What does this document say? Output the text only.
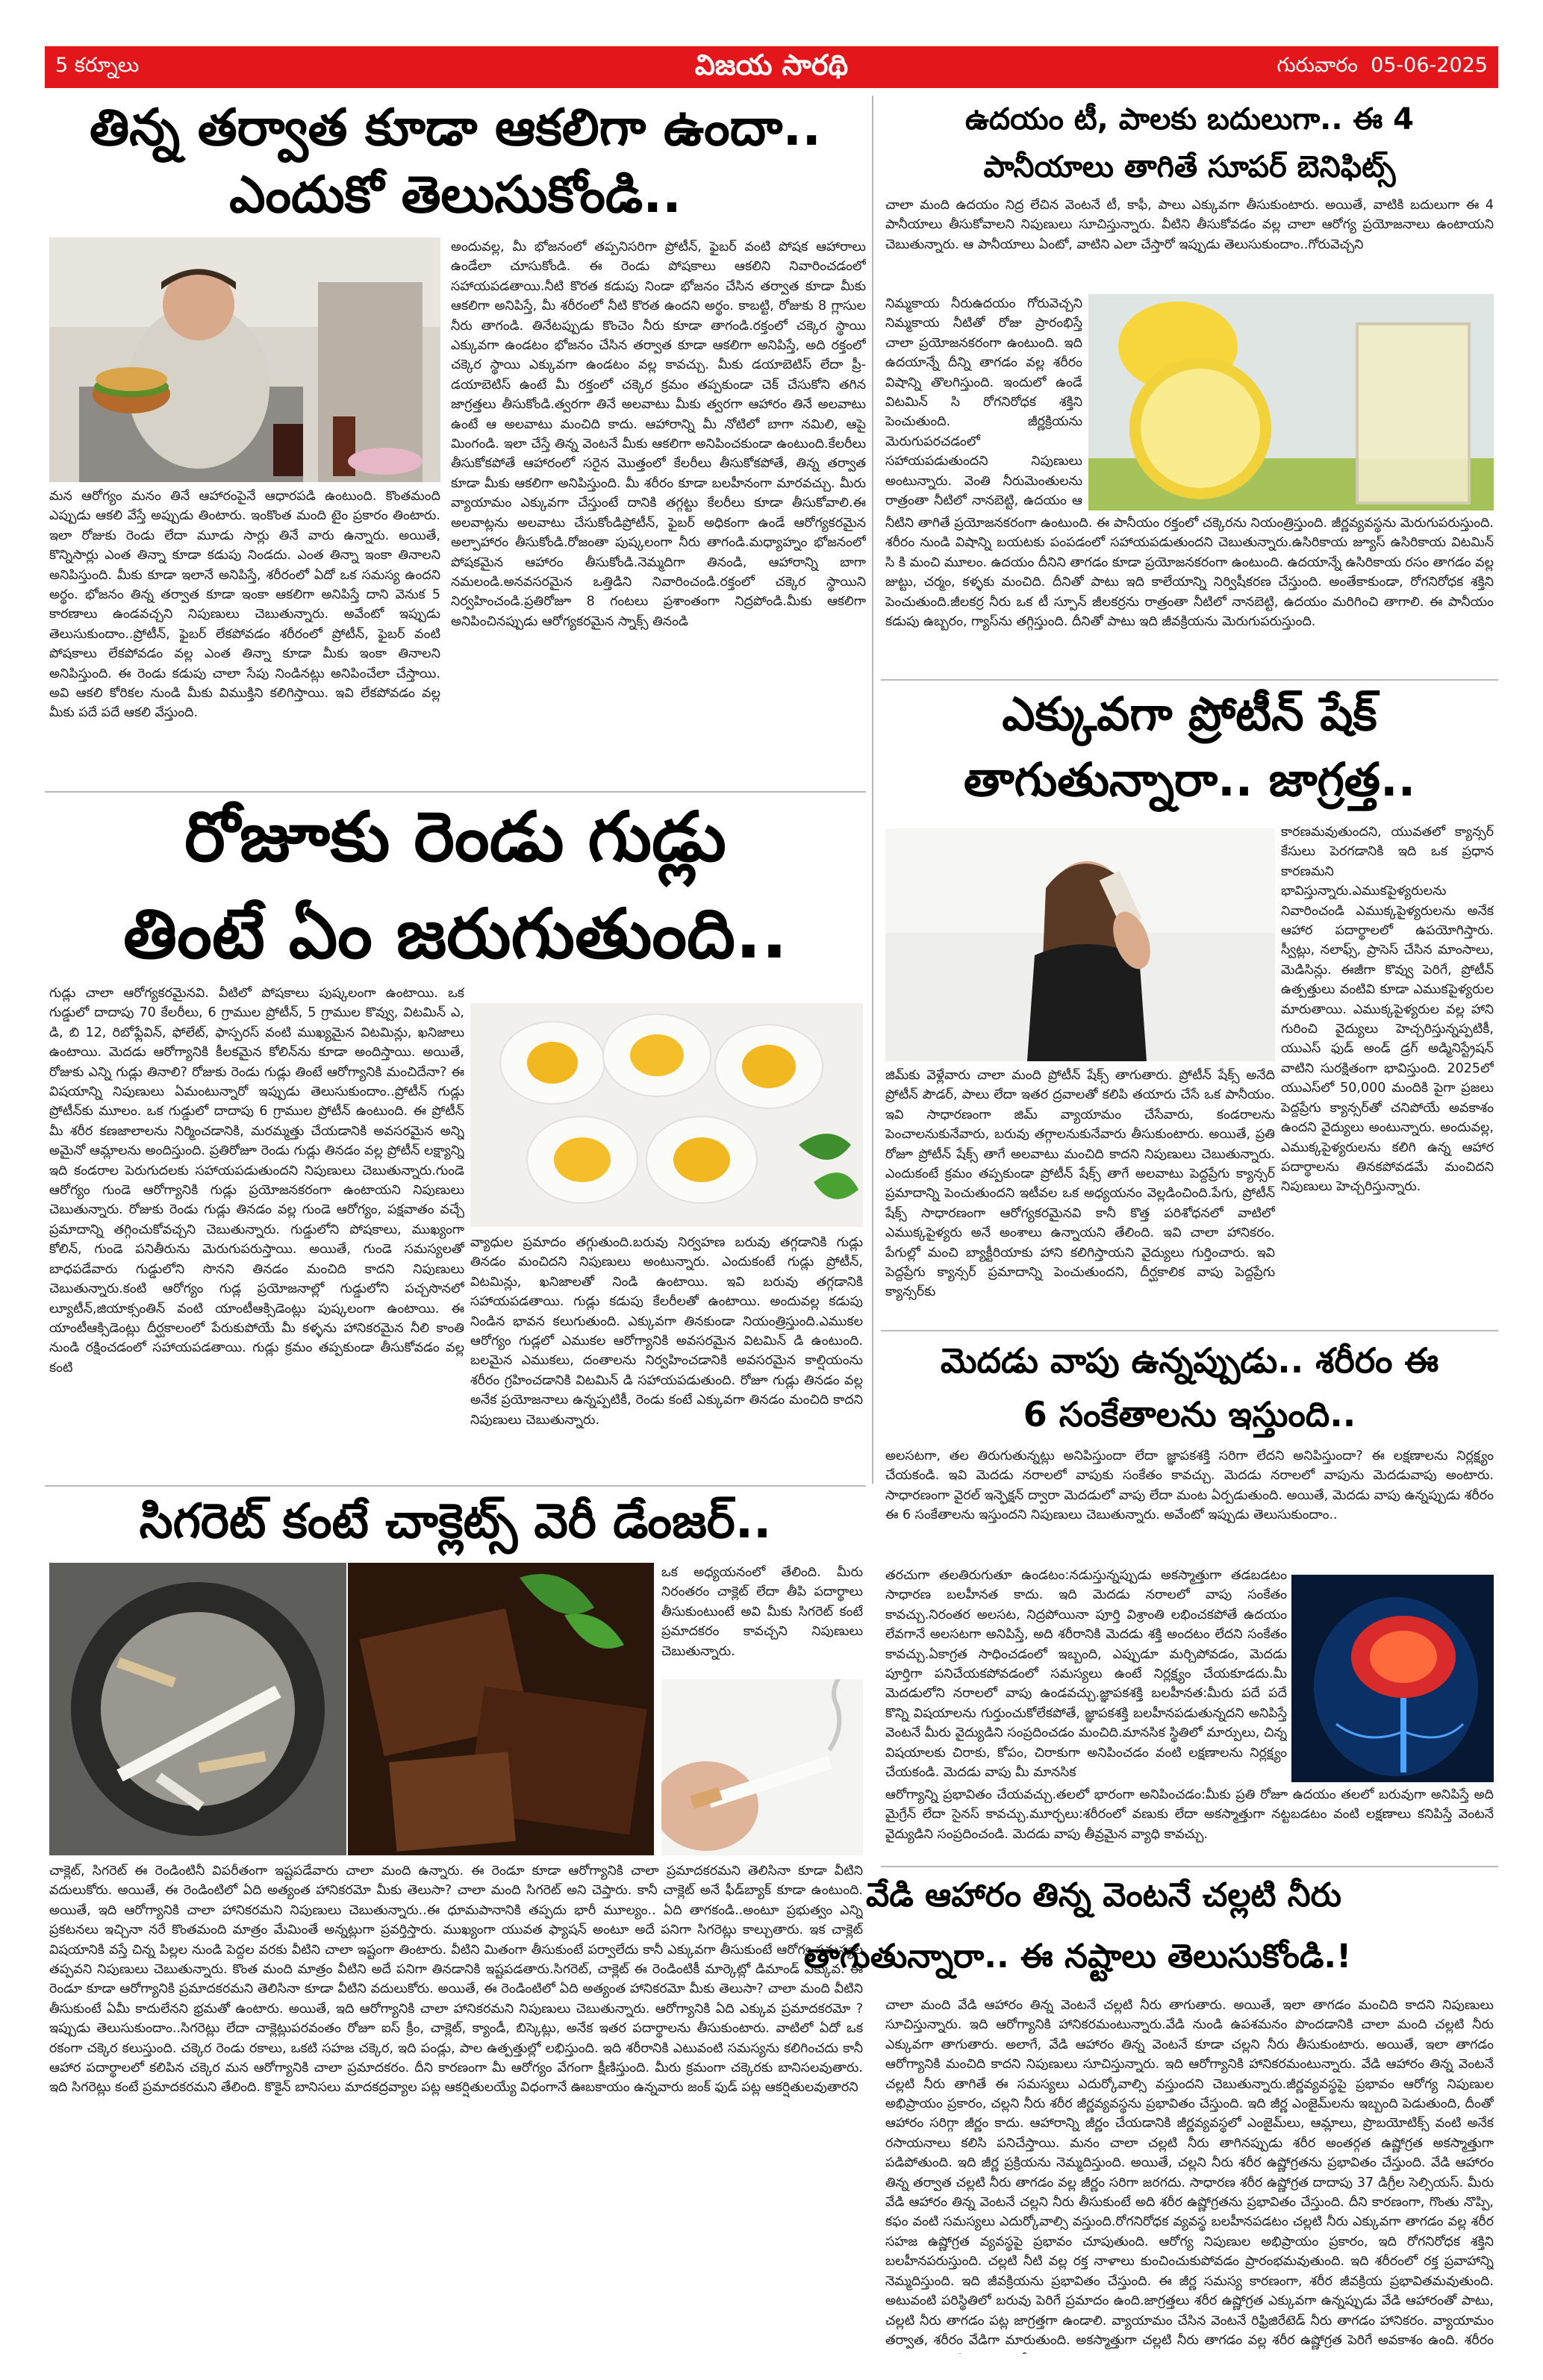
5 కర్నూలు	విజయ సారథి	గురువారం 05-06-2025
తిన్న తర్వాత కూడా ఆకలిగా ఉందా..
ఎందుకో తెలుసుకోండి..
అందువల్ల, మీ భోజనంలో తప్పనిసరిగా ప్రోటీన్, ఫైబర్ వంటి పోషక ఆహారాలు ఉండేలా చూసుకోండి. ఈ రెండు పోషకాలు ఆకలిని నివారించడంలో సహాయపడతాయి.నీటి కొరత కడుపు నిండా భోజనం చేసిన తర్వాత కూడా మీకు ఆకలిగా అనిపిస్తే, మీ శరీరంలో నీటి కొరత ఉందని అర్థం. కాబట్టి, రోజుకు 8 గ్లాసుల నీరు తాగండి. తినేటప్పుడు కొంచెం నీరు కూడా తాగండి.రక్తంలో చక్కెర స్థాయి ఎక్కువగా ఉండటం భోజనం చేసిన తర్వాత కూడా ఆకలిగా అనిపిస్తే, అది రక్తంలో చక్కెర స్థాయి ఎక్కువగా ఉండటం వల్ల కావచ్చు. మీకు డయాబెటిస్ లేదా ప్రీ-డయాబెటిస్ ఉంటే మీ రక్తంలో చక్కెర క్రమం తప్పకుండా చెక్ చేసుకోని తగిన జాగ్రత్తలు తీసుకోండి.త్వరగా తినే అలవాటు మీకు త్వరగా ఆహారం తినే అలవాటు ఉంటే ఆ అలవాటు మంచిది కాదు. ఆహారాన్ని మీ నోటిలో బాగా నమిలి, ఆపై మింగండి. ఇలా చేస్తే తిన్న వెంటనే మీకు ఆకలిగా అనిపించకుండా ఉంటుంది.కేలరీలు తీసుకోకపోతే ఆహారంలో సరైన మొత్తంలో కేలరీలు తీసుకోకపోతే, తిన్న తర్వాత కూడా మీకు ఆకలిగా అనిపిస్తుంది. మీ శరీరం కూడా బలహీనంగా మారవచ్చు. మీరు వ్యాయామం ఎక్కువగా చేస్తుంటే దానికి తగ్గట్టు కేలరీలు కూడా తీసుకోవాలి.ఈ అలవాట్లను అలవాటు చేసుకోండిప్రోటీన్, ఫైబర్ అధికంగా ఉండే ఆరోగ్యకరమైన అల్పాహారం తీసుకోండి.రోజంతా పుష్కలంగా నీరు తాగండి.మధ్యాహ్నం భోజనంలో పోషకమైన ఆహారం తీసుకోండి.నెమ్మదిగా తినండి, ఆహారాన్ని బాగా నమలండి.అనవసరమైన ఒత్తిడిని నివారించండి.రక్తంలో చక్కెర స్థాయిని నిర్వహించండి.ప్రతిరోజూ 8 గంటలు ప్రశాంతంగా నిద్రపోండి.మీకు ఆకలిగా అనిపించినప్పుడు ఆరోగ్యకరమైన స్నాక్స్ తినండి
మన ఆరోగ్యం మనం తినే ఆహారంపైనే ఆధారపడి ఉంటుంది. కొంతమంది ఎప్పుడు ఆకలి వేస్తే అప్పుడు తింటారు. ఇంకొంత మంది టైం ప్రకారం తింటారు. ఇలా రోజుకు రెండు లేదా మూడు సార్లు తినే వారు ఉన్నారు. అయితే, కొన్నిసార్లు ఎంత తిన్నా కూడా కడుపు నిండదు. ఎంత తిన్నా ఇంకా తినాలని అనిపిస్తుంది. మీకు కూడా ఇలానే అనిపిస్తే, శరీరంలో ఏదో ఒక సమస్య ఉందని అర్థం. భోజనం తిన్న తర్వాత కూడా ఇంకా ఆకలిగా అనిపిస్తే దాని వెనుక 5 కారణాలు ఉండవచ్చని నిపుణులు చెబుతున్నారు. అవేంటో ఇప్పుడు తెలుసుకుందాం..ప్రోటీన్, ఫైబర్ లేకపోవడం శరీరంలో ప్రోటీన్, ఫైబర్ వంటి పోషకాలు లేకపోవడం వల్ల ఎంత తిన్నా కూడా మీకు ఇంకా తినాలని అనిపిస్తుంది. ఈ రెండు కడుపు చాలా సేపు నిండినట్లు అనిపించేలా చేస్తాయి. అవి ఆకలి కోరికల నుండి మీకు విముక్తిని కలిగిస్తాయి. ఇవి లేకపోవడం వల్ల మీకు పదే పదే ఆకలి వేస్తుంది.
రోజూకు రెండు గుడ్లు
తింటే ఏం జరుగుతుంది..
గుడ్లు చాలా ఆరోగ్యకరమైనవి. వీటిలో పోషకాలు పుష్కలంగా ఉంటాయి. ఒక గుడ్డులో దాదాపు 70 కేలరీలు, 6 గ్రాముల ప్రోటీన్, 5 గ్రాముల కొవ్వు, విటమిన్ ఎ, డి, బి 12, రిబోఫ్లేవిన్, ఫోలేట్, ఫాస్పరస్ వంటి ముఖ్యమైన విటమిన్లు, ఖనిజాలు ఉంటాయి. మెదడు ఆరోగ్యానికి కీలకమైన కోలిన్‌ను కూడా అందిస్తాయి. అయితే, రోజుకు ఎన్ని గుడ్లు తినాలి? రోజుకు రెండు గుడ్లు తింటే ఆరోగ్యానికి మంచిదేనా? ఈ విషయాన్ని నిపుణులు ఏమంటున్నారో ఇప్పుడు తెలుసుకుందాం..ప్రోటీన్ గుడ్లు ప్రోటీన్‌కు మూలం. ఒక గుడ్డులో దాదాపు 6 గ్రాముల ప్రోటీన్ ఉంటుంది. ఈ ప్రోటీన్ మీ శరీర కణజాలాలను నిర్మించడానికి, మరమ్మత్తు చేయడానికి అవసరమైన అన్ని అమైనో ఆమ్లాలను అందిస్తుంది. ప్రతిరోజూ రెండు గుడ్లు తినడం వల్ల ప్రోటీన్ లక్ష్యాన్ని ఇది కండరాల పెరుగుదలకు సహాయపడుతుందని నిపుణులు చెబుతున్నారు.గుండె ఆరోగ్యం గుండె ఆరోగ్యానికి గుడ్లు ప్రయోజనకరంగా ఉంటాయని నిపుణులు చెబుతున్నారు. రోజుకు రెండు గుడ్లు తినడం వల్ల గుండె ఆరోగ్యం, పక్షవాతం వచ్చే ప్రమాదాన్ని తగ్గించుకోవచ్చని చెబుతున్నారు. గుడ్డులోని పోషకాలు, ముఖ్యంగా కోలిన్, గుండె పనితీరును మెరుగుపరుస్తాయి. అయితే, గుండె సమస్యలతో బాధపడేవారు గుడ్డులోని సొనని తినడం మంచిది కాదని నిపుణులు చెబుతున్నారు.కంటి ఆరోగ్యం గుడ్ల ప్రయోజనాల్లో గుడ్డులోని పచ్చసొనలో ల్యూటీన్,జియాక్సంతిన్ వంటి యాంటీఆక్సిడెంట్లు పుష్కలంగా ఉంటాయి. ఈ యాంటీఆక్సిడెంట్లు దీర్ఘకాలంలో పేరుకుపోయే మీ కళ్ళను హానికరమైన నీలి కాంతి నుండి రక్షించడంలో సహాయపడతాయి. గుడ్లు క్రమం తప్పకుండా తీసుకోవడం వల్ల కంటి
వ్యాధుల ప్రమాదం తగ్గుతుంది.బరువు నిర్వహణ బరువు తగ్గడానికి గుడ్లు తినడం మంచిదని నిపుణులు అంటున్నారు. ఎందుకంటే గుడ్లు ప్రోటీన్, విటమిన్లు, ఖనిజాలతో నిండి ఉంటాయి. ఇవి బరువు తగ్గడానికి సహాయపడతాయి. గుడ్లు కడుపు కేలరీలతో ఉంటాయి. అందువల్ల కడుపు నిండిన భావన కలుగుతుంది. ఎక్కువగా తినకుండా నియంత్రిస్తుంది.ఎముకల ఆరోగ్యం గుడ్లలో ఎముకల ఆరోగ్యానికి అవసరమైన విటమిన్ డి ఉంటుంది. బలమైన ఎముకలు, దంతాలను నిర్వహించడానికి అవసరమైన కాల్షియంను శరీరం గ్రహించడానికి విటమిన్ డి సహాయపడుతుంది. రోజూ గుడ్లు తినడం వల్ల అనేక ప్రయోజనాలు ఉన్నప్పటికీ, రెండు కంటే ఎక్కువగా తినడం మంచిది కాదని నిపుణులు చెబుతున్నారు.
సిగరెట్ కంటే చాక్లెట్స్ వెరీ డేంజర్..
ఒక అధ్యయనంలో తేలింది. మీరు నిరంతరం చాక్లెట్ లేదా తీపి పదార్థాలు తీసుకుంటుంటే అవి మీకు సిగరెట్ కంటే ప్రమాదకరం కావచ్చని నిపుణులు చెబుతున్నారు.
చాక్లెట్, సిగరెట్ ఈ రెండింటినీ విపరీతంగా ఇష్టపడేవారు చాలా మంది ఉన్నారు. ఈ రెండూ కూడా ఆరోగ్యానికి చాలా ప్రమాదకరమని తెలిసినా కూడా వీటిని వదులుకోరు. అయితే, ఈ రెండింటిలో ఏది అత్యంత హానికరమో మీకు తెలుసా? చాలా మంది సిగరెట్ అని చెప్తారు. కానీ చాక్లెట్ అనే ఫీడ్‌బ్యాక్ కూడా ఉంటుంది. అయితే, ఇది ఆరోగ్యానికి చాలా హానికరమని నిపుణులు చెబుతున్నారు..ఈ ధూమపానానికి తప్పదు భారీ మూల్యం.. ఏది తాగకండి..అంటూ ప్రభుత్వం ఎన్ని ప్రకటనలు ఇచ్చినా నరే కొంతమంది మాత్రం మేమింతే అన్నట్లుగా ప్రవర్తిస్తారు. ముఖ్యంగా యువత ఫ్యాషన్ అంటూ అదే పనిగా సిగరెట్లు కాల్చుతారు. ఇక చాక్లెట్ విషయానికి వస్తే చిన్న పిల్లల నుండి పెద్దల వరకు వీటిని చాలా ఇష్టంగా తింటారు. వీటిని మితంగా తీసుకుంటే పర్వాలేదు కానీ ఎక్కువగా తీసుకుంటే ఆరోగ్య సమస్యల తప్పవని నిపుణులు చెబుతున్నారు. కొంత మంది మాత్రం వీటిని అదే పనిగా తినడానికి ఇష్టపడతారు.సిగరెట్, చాక్లెట్ ఈ రెండింటికీ మార్కెట్లో డిమాండ్ ఎక్కువ. ఈ రెండూ కూడా ఆరోగ్యానికి ప్రమాదకరమని తెలిసినా కూడా వీటిని వదులుకోరు. అయితే, ఈ రెండింటిలో ఏది అత్యంత హానికరమో మీకు తెలుసా? చాలా మంది వీటిని తీసుకుంటే ఏమీ కాదులేనని భ్రమతో ఉంటారు. అయితే, ఇది ఆరోగ్యానికి చాలా హానికరమని నిపుణులు చెబుతున్నారు. ఆరోగ్యానికి ఏది ఎక్కువ ప్రమాదకరమో ? ఇప్పుడు తెలుసుకుందాం..సిగరెట్లు లేదా చాక్లెట్లుపరవంతం రోజూ ఐస్ క్రీం, చాక్లెట్, క్యాండీ, బిస్కెట్లు, అనేక ఇతర పదార్థాలను తీసుకుంటారు. వాటిలో ఏదో ఒక రకంగా చక్కెర కలుస్తుంది. చక్కెర రెండు రకాలు, ఒకటి సహజ చక్కెర, ఇది పండ్లు, పాల ఉత్పత్తుల్లో లభిస్తుంది. ఇది శరీరానికి ఎటువంటి సమస్యను కలిగించదు కానీ ఆహార పదార్థాలలో కలిపిన చక్కెర మన ఆరోగ్యానికి చాలా ప్రమాదకరం. దీని కారణంగా మీ ఆరోగ్యం వేగంగా క్షీణిస్తుంది. మీరు క్రమంగా చక్కెరకు బానిసలవుతారు. ఇది సిగరెట్లు కంటే ప్రమాదకరమని తేలింది. కొకైన్ బానిసలు మాదకద్రవ్యాల పట్ల ఆకర్షితులయ్యే విధంగానే ఊబకాయం ఉన్నవారు జంక్ ఫుడ్ పట్ల ఆకర్షితులవుతారని
ఉదయం టీ, పాలకు బదులుగా.. ఈ 4
పానీయాలు తాగితే సూపర్ బెనిఫిట్స్
చాలా మంది ఉదయం నిద్ర లేచిన వెంటనే టీ, కాఫీ, పాలు ఎక్కువగా తీసుకుంటారు. అయితే, వాటికి బదులుగా ఈ 4 పానీయాలు తీసుకోవాలని నిపుణులు సూచిస్తున్నారు. వీటిని తీసుకోవడం వల్ల చాలా ఆరోగ్య ప్రయోజనాలు ఉంటాయని చెబుతున్నారు. ఆ పానీయాలు ఏంటో, వాటిని ఎలా చేస్తారో ఇప్పుడు తెలుసుకుందాం..గోరువెచ్చని
నిమ్మకాయ నీరుఉదయం గోరువెచ్చని నిమ్మకాయ నీటితో రోజు ప్రారంభిస్తే చాలా ప్రయోజనకరంగా ఉంటుంది. ఇది ఉదయాన్నే దీన్ని తాగడం వల్ల శరీరం విషాన్ని తొలగిస్తుంది. ఇందులో ఉండే విటమిన్ సి రోగనిరోధక శక్తిని పెంచుతుంది. జీర్ణక్రియను మెరుగుపరచడంలో సహాయపడుతుందని నిపుణులు అంటున్నారు. వెంతి నీరుమెంతులను రాత్రంతా నీటిలో నానబెట్టి, ఉదయం ఆ
నీటిని తాగితే ప్రయోజనకరంగా ఉంటుంది. ఈ పానీయం రక్తంలో చక్కెరను నియంత్రిస్తుంది. జీర్ణవ్యవస్థను మెరుగుపరుస్తుంది. శరీరం నుండి విషాన్ని బయటకు పంపడంలో సహాయపడుతుందని చెబుతున్నారు.ఉసిరికాయ జ్యూస్ ఉసిరికాయ విటమిన్ సి కి మంచి మూలం. ఉదయం దీనిని తాగడం కూడా ప్రయోజనకరంగా ఉంటుంది. ఉదయాన్నే ఉసిరికాయ రసం తాగడం వల్ల జుట్టు, చర్మం, కళ్ళకు మంచిది. దీనితో పాటు ఇది కాలేయాన్ని నిర్విషీకరణ చేస్తుంది. అంతేకాకుండా, రోగనిరోధక శక్తిని పెంచుతుంది.జీలకర్ర నీరు ఒక టీ స్పూన్ జీలకర్రను రాత్రంతా నీటిలో నానబెట్టి, ఉదయం మరిగించి తాగాలి. ఈ పానీయం కడుపు ఉబ్బరం, గ్యాస్‌ను తగ్గిస్తుంది. దీనితో పాటు ఇది జీవక్రియను మెరుగుపరుస్తుంది.
ఎక్కువగా ప్రోటీన్ షేక్
తాగుతున్నారా.. జాగ్రత్త..
కారణమవుతుందని, యువతలో క్యాన్సర్ కేసులు పెరగడానికి ఇది ఒక ప్రధాన కారణమని భావిస్తున్నారు.ఎముకపైళ్యరులను నివారించండి ఎముక్కపైళ్యరులను అనేక ఆహార పదార్థాలలో ఉపయోగిస్తారు. స్వీట్లు, నలాఫ్స్, ప్రాసెస్ చేసిన మాంసాలు, మెడిసిన్లు. ఈజీగా కొవ్వు పెరిగే, ప్రోటీన్ ఉత్పత్తులు వంటివి కూడా ఎముకపైళ్యరుల మారుతాయి. ఎముక్కపైళ్యరుల వల్ల హాని గురించి వైద్యులు హెచ్చరిస్తున్నప్పటికీ, యుఎస్ ఫుడ్ అండ్ డ్రగ్ అడ్మినిస్ట్రేషన్ వాటిని సురక్షితంగా భావిస్తుంది. 2025లో యుఎస్‌లో 50,000 మందికి పైగా ప్రజలు పెద్దప్రేగు క్యాన్సర్‌తో చనిపోయే అవకాశం ఉందని వైద్యులు అంటున్నారు. అందువల్ల, ఎముక్కపైళ్యరులను కలిగి ఉన్న ఆహార పదార్థాలను తినకపోవడమే మంచిదని నిపుణులు హెచ్చరిస్తున్నారు.
జిమ్‌కు వెళ్లేవారు చాలా మంది ప్రోటీన్ షేక్స్ తాగుతారు. ప్రోటీన్ షేక్స్ అనేది ప్రోటీన్ పౌడర్, పాలు లేదా ఇతర ద్రవాలతో కలిపి తయారు చేసే ఒక పానీయం. ఇవి సాధారణంగా జిమ్ వ్యాయామం చేసేవారు, కండరాలను పెంచాలనుకునేవారు, బరువు తగ్గాలనుకునేవారు తీసుకుంటారు. అయితే, ప్రతి రోజూ ప్రోటీన్ షేక్స్ తాగే అలవాటు మంచిది కాదని నిపుణులు చెబుతున్నారు. ఎందుకంటే క్రమం తప్పకుండా ప్రోటీన్ షేక్స్ తాగే అలవాటు పెద్దప్రేగు క్యాన్సర్ ప్రమాదాన్ని పెంచుతుందని ఇటీవల ఒక అధ్యయనం వెల్లడించింది.పేగు, ప్రోటీన్ షేక్స్ సాధారణంగా ఆరోగ్యకరమైనవి కానీ కొత్త పరిశోధనలో వాటిలో ఎముక్కపైళ్యరు అనే అంశాలు ఉన్నాయని తేలింది. ఇవి చాలా హానికరం. పేగుల్లో మంచి బ్యాక్టీరియాకు హాని కలిగిస్తాయని వైద్యులు గుర్తించారు. ఇవి పెద్దప్రేగు క్యాన్సర్ ప్రమాదాన్ని పెంచుతుందని, దీర్ఘకాలిక వాపు పెద్దప్రేగు క్యాన్సర్‌కు
మెదడు వాపు ఉన్నప్పుడు.. శరీరం ఈ
6 సంకేతాలను ఇస్తుంది..
అలసటగా, తల తిరుగుతున్నట్లు అనిపిస్తుందా లేదా జ్ఞాపకశక్తి సరిగా లేదని అనిపిస్తుందా? ఈ లక్షణాలను నిర్లక్ష్యం చేయకండి. ఇవి మెదడు నరాలలో వాపుకు సంకేతం కావచ్చు. మెదడు నరాలలో వాపును మెదడువాపు అంటారు. సాధారణంగా వైరల్ ఇన్ఫెక్షన్ ద్వారా మెదడులో వాపు లేదా మంట ఏర్పడుతుంది. అయితే, మెదడు వాపు ఉన్నప్పుడు శరీరం ఈ 6 సంకేతాలను ఇస్తుందని నిపుణులు చెబుతున్నారు. అవేంటో ఇప్పుడు తెలుసుకుందాం..
తరచుగా తలతిరుగుతూ ఉండటం:నడుస్తున్నప్పుడు అకస్మాత్తుగా తడబడటం సాధారణ బలహీనత కాదు. ఇది మెదడు నరాలలో వాపు సంకేతం కావచ్చు.నిరంతర అలసట, నిద్రపోయినా పూర్తి విశ్రాంతి లభించకపోతే ఉదయం లేవగానే అలసటగా అనిపిస్తే, అది శరీరానికి మెదడు శక్తి అందటం లేదని సంకేతం కావచ్చు.ఏకాగ్రత సాధించడంలో ఇబ్బంది, ఎప్పుడూ మర్చిపోవడం, మెదడు పూర్తిగా పనిచేయకపోవడంలో సమస్యలు ఉంటే నిర్లక్ష్యం చేయకూడదు.మీ మెదడులోని నరాలలో వాపు ఉండవచ్చు.జ్ఞాపకశక్తి బలహీనత:మీరు పదే పదే కొన్ని విషయాలను గుర్తుంచుకోలేకపోతే, జ్ఞాపకశక్తి బలహీనపడుతున్నదని అనిపిస్తే వెంటనే మీరు వైద్యుడిని సంప్రదించడం మంచిది.మానసిక స్థితిలో మార్పులు, చిన్న విషయాలకు చిరాకు, కోపం, చిరాకుగా అనిపించడం వంటి లక్షణాలను నిర్లక్ష్యం చేయకండి. మెదడు వాపు మీ మానసిక
ఆరోగ్యాన్ని ప్రభావితం చేయవచ్చు.తలలో భారంగా అనిపించడం:మీకు ప్రతి రోజూ ఉదయం తలలో బరువుగా అనిపిస్తే అది మైగ్రేన్ లేదా సైనస్ కావచ్చు.మూర్ఛలు:శరీరంలో వణుకు లేదా అకస్మాత్తుగా నట్టబడటం వంటి లక్షణాలు కనిపిస్తే వెంటనే వైద్యుడిని సంప్రదించండి. మెదడు వాపు తీవ్రమైన వ్యాధి కావచ్చు.
వేడి ఆహారం తిన్న వెంటనే చల్లటి నీరు
తాగుతున్నారా.. ఈ నష్టాలు తెలుసుకోండి.!
చాలా మంది వేడి ఆహారం తిన్న వెంటనే చల్లటి నీరు తాగుతారు. అయితే, ఇలా తాగడం మంచిది కాదని నిపుణులు సూచిస్తున్నారు. ఇది ఆరోగ్యానికి హానికరమంటున్నారు.వేడి నుండి ఉపశమనం పొందడానికి చాలా మంది చల్లటి నీరు ఎక్కువగా తాగుతారు. అలాగే, వేడి ఆహారం తిన్న వెంటనే కూడా చల్లని నీరు తీసుకుంటారు. అయితే, ఇలా తాగడం ఆరోగ్యానికి మంచిది కాదని నిపుణులు సూచిస్తున్నారు. ఇది ఆరోగ్యానికి హానికరమంటున్నారు. వేడి ఆహారం తిన్న వెంటనే చల్లటి నీరు తాగితే ఈ సమస్యలు ఎదుర్కోవాల్సి వస్తుందని చెబుతున్నారు.జీర్ణవ్యవస్థపై ప్రభావం ఆరోగ్య నిపుణుల అభిప్రాయం ప్రకారం, చల్లని నీరు శరీర జీర్ణవ్యవస్థను ప్రభావితం చేస్తుంది. ఇది జీర్ణ ఎంజైమ్‌లను ఇబ్బంది పెడుతుంది, దీంతో ఆహారం సరిగ్గా జీర్ణం కాదు. ఆహారాన్ని జీర్ణం చేయడానికి జీర్ణవ్యవస్థలో ఎంజైమ్‌లు, ఆమ్లాలు, ప్రొబయోటిక్స్ వంటి అనేక రసాయనాలు కలిసి పనిచేస్తాయి. మనం చాలా చల్లటి నీరు తాగినప్పుడు శరీర అంతర్గత ఉష్ణోగ్రత అకస్మాత్తుగా పడిపోతుంది. ఇది జీర్ణ ప్రక్రియను నెమ్మదిస్తుంది. అయితే, చల్లని నీరు శరీర ఉష్ణోగ్రతను ప్రభావితం చేస్తుంది. వేడి ఆహారం తిన్న తర్వాత చల్లటి నీరు తాగడం వల్ల జీర్ణం సరిగా జరగదు. సాధారణ శరీర ఉష్ణోగ్రత దాదాపు 37 డిగ్రీల సెల్సియస్. మీరు వేడి ఆహారం తిన్న వెంటనే చల్లని నీరు తీసుకుంటే అది శరీర ఉష్ణోగ్రతను ప్రభావితం చేస్తుంది. దీని కారణంగా, గొంతు నొప్పి, కఫం వంటి సమస్యలు ఎదుర్కోవాల్సి వస్తుంది.రోగనిరోధక వ్యవస్థ బలహీనపడటం చల్లటి నీరు ఎక్కువగా తాగడం వల్ల శరీర సహజ ఉష్ణోగ్రత వ్యవస్థపై ప్రభావం చూపుతుంది. ఆరోగ్య నిపుణుల అభిప్రాయం ప్రకారం, ఇది రోగనిరోధక శక్తిని బలహీనపరుస్తుంది. చల్లటి నీటి వల్ల రక్త నాళాలు కుంచించుకుపోవడం ప్రారంభమవుతుంది. ఇది శరీరంలో రక్త ప్రవాహాన్ని నెమ్మదిస్తుంది. ఇది జీవక్రియను ప్రభావితం చేస్తుంది. ఈ జీర్ణ సమస్య కారణంగా, శరీర జీవక్రియ ప్రభావితమవుతుంది. అటువంటి పరిస్థితిలో బరువు పెరిగే ప్రమాదం ఉంది.జాగ్రత్తలు శరీర ఉష్ణోగ్రత ఎక్కువగా ఉన్నప్పుడు వేడి ఆహారంతో పాటు, చల్లటి నీరు తాగడం పట్ల జాగ్రత్తగా ఉండాలి. వ్యాయామం చేసిన వెంటనే రిఫ్రిజిరేటెడ్ నీరు తాగడం హానికరం. వ్యాయామం తర్వాత, శరీరం వేడిగా మారుతుంది. అకస్మాత్తుగా చల్లటి నీరు తాగడం వల్ల శరీర ఉష్ణోగ్రత పెరిగే అవకాశం ఉంది. శరీరం
